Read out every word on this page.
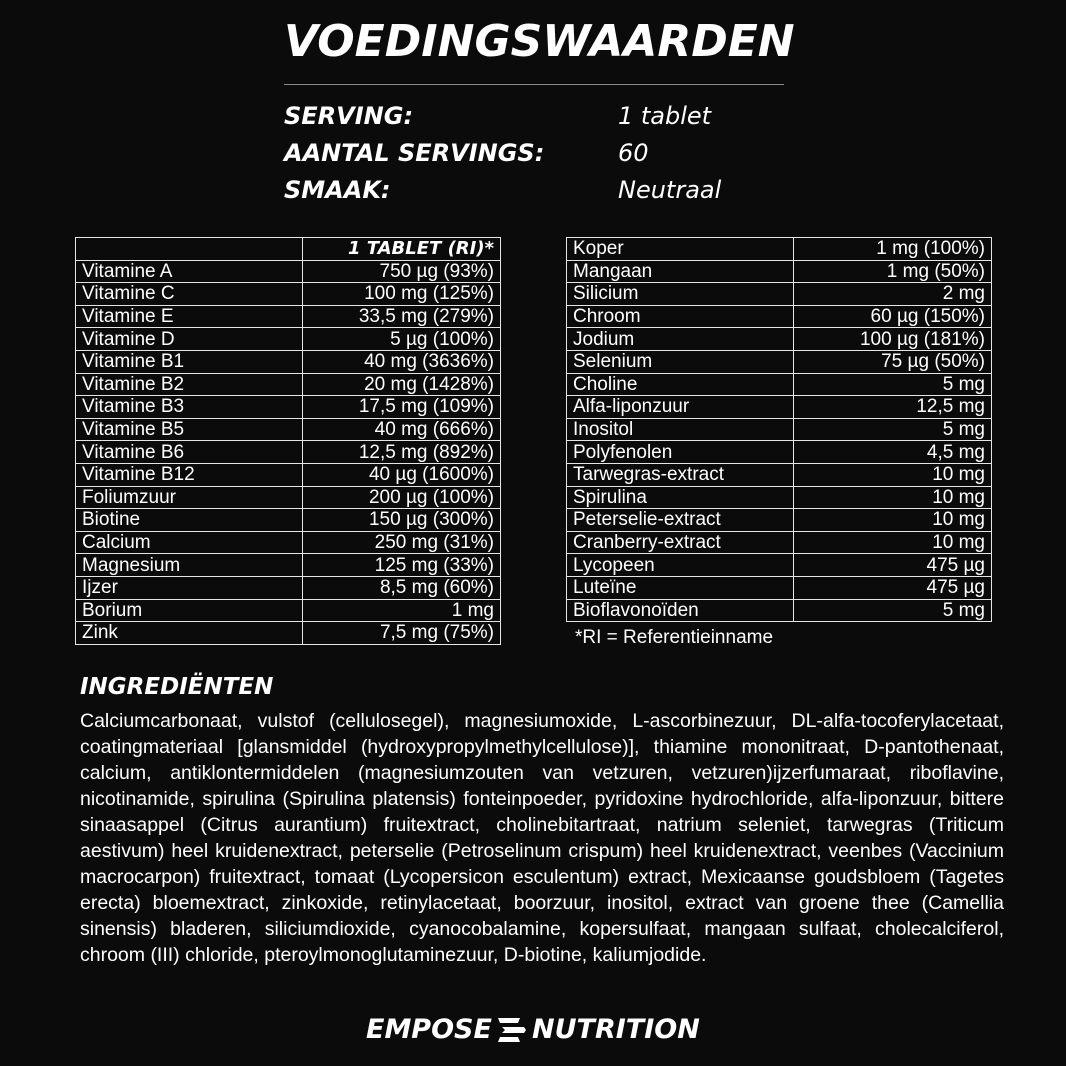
VOEDINGSWAARDEN
SERVING:	1 tablet
AANTAL SERVINGS:	60
SMAAK:	Neutraal
	1 TABLET (RI)*
Vitamine A	750 µg (93%)
Vitamine C	100 mg (125%)
Vitamine E	33,5 mg (279%)
Vitamine D	5 µg (100%)
Vitamine B1	40 mg (3636%)
Vitamine B2	20 mg (1428%)
Vitamine B3	17,5 mg (109%)
Vitamine B5	40 mg (666%)
Vitamine B6	12,5 mg (892%)
Vitamine B12	40 µg (1600%)
Foliumzuur	200 µg (100%)
Biotine	150 µg (300%)
Calcium	250 mg (31%)
Magnesium	125 mg (33%)
Ijzer	8,5 mg (60%)
Borium	1 mg
Zink	7,5 mg (75%)
Koper	1 mg (100%)
Mangaan	1 mg (50%)
Silicium	2 mg
Chroom	60 µg (150%)
Jodium	100 µg (181%)
Selenium	75 µg (50%)
Choline	5 mg
Alfa-liponzuur	12,5 mg
Inositol	5 mg
Polyfenolen	4,5 mg
Tarwegras-extract	10 mg
Spirulina	10 mg
Peterselie-extract	10 mg
Cranberry-extract	10 mg
Lycopeen	475 µg
Luteïne	475 µg
Bioflavonoïden	5 mg
*RI = Referentieinname
INGREDIËNTEN
Calciumcarbonaat, vulstof (cellulosegel), magnesiumoxide, L-ascorbinezuur, DL-alfa-tocoferylacetaat, coatingmateriaal [glansmiddel (hydroxypropylmethylcellulose)], thiamine mononitraat, D-pantothenaat, calcium, antiklontermiddelen (magnesiumzouten van vetzuren, vetzuren)ijzerfumaraat, riboflavine, nicotinamide, spirulina (Spirulina platensis) fonteinpoeder, pyridoxine hydrochloride, alfa-liponzuur, bittere sinaasappel (Citrus aurantium) fruitextract, cholinebitartraat, natrium seleniet, tarwegras (Triticum aestivum) heel kruidenextract, peterselie (Petroselinum crispum) heel kruidenextract, veenbes (Vaccinium macrocarpon) fruitextract, tomaat (Lycopersicon esculentum) extract, Mexicaanse goudsbloem (Tagetes erecta) bloemextract, zinkoxide, retinylacetaat, boorzuur, inositol, extract van groene thee (Camellia sinensis) bladeren, siliciumdioxide, cyanocobalamine, kopersulfaat, mangaan sulfaat, cholecalciferol, chroom (III) chloride, pteroylmonoglutaminezuur, D-biotine, kaliumjodide.
EMPOSE NUTRITION
